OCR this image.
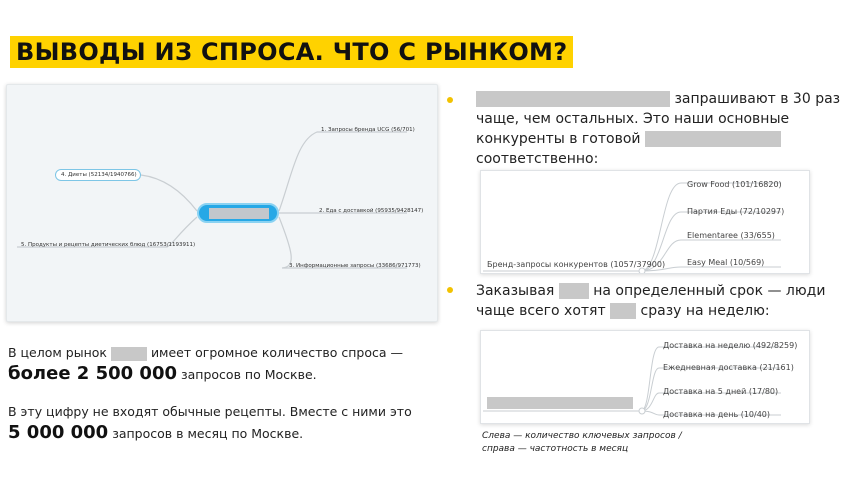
ВЫВОДЫ ИЗ СПРОСА. ЧТО С РЫНКОМ?
1. Запросы бренда UCG (56/701)
4. Диеты (52134/1940766)
2. Еда с доставкой (95935/9428147)
5. Продукты и рецепты диетических блюд (16753/1193911)
3. Информационные запросы (33686/971773)
В целом рынок	имеет огромное количество спроса —
более 2 500 000 запросов по Москве.
В эту цифру не входят обычные рецепты. Вместе с ними это
5 000 000 запросов в месяц по Москве.
запрашивают в 30 раз
чаще, чем остальных. Это наши основные
конкуренты в готовой
соответственно:
Бренд-запросы конкурентов (1057/37900)
Grow Food (101/16820)
Партия Еды (72/10297)
Elementaree (33/655)
Easy Meal (10/569)
Заказывая	на определенный срок — люди
чаще всего хотят сразу на неделю:
Доставка на неделю (492/8259)
Ежедневная доставка (21/161)
Доставка на 5 дней (17/80)
Доставка на день (10/40)
Слева — количество ключевых запросов /
справа — частотность в месяц
